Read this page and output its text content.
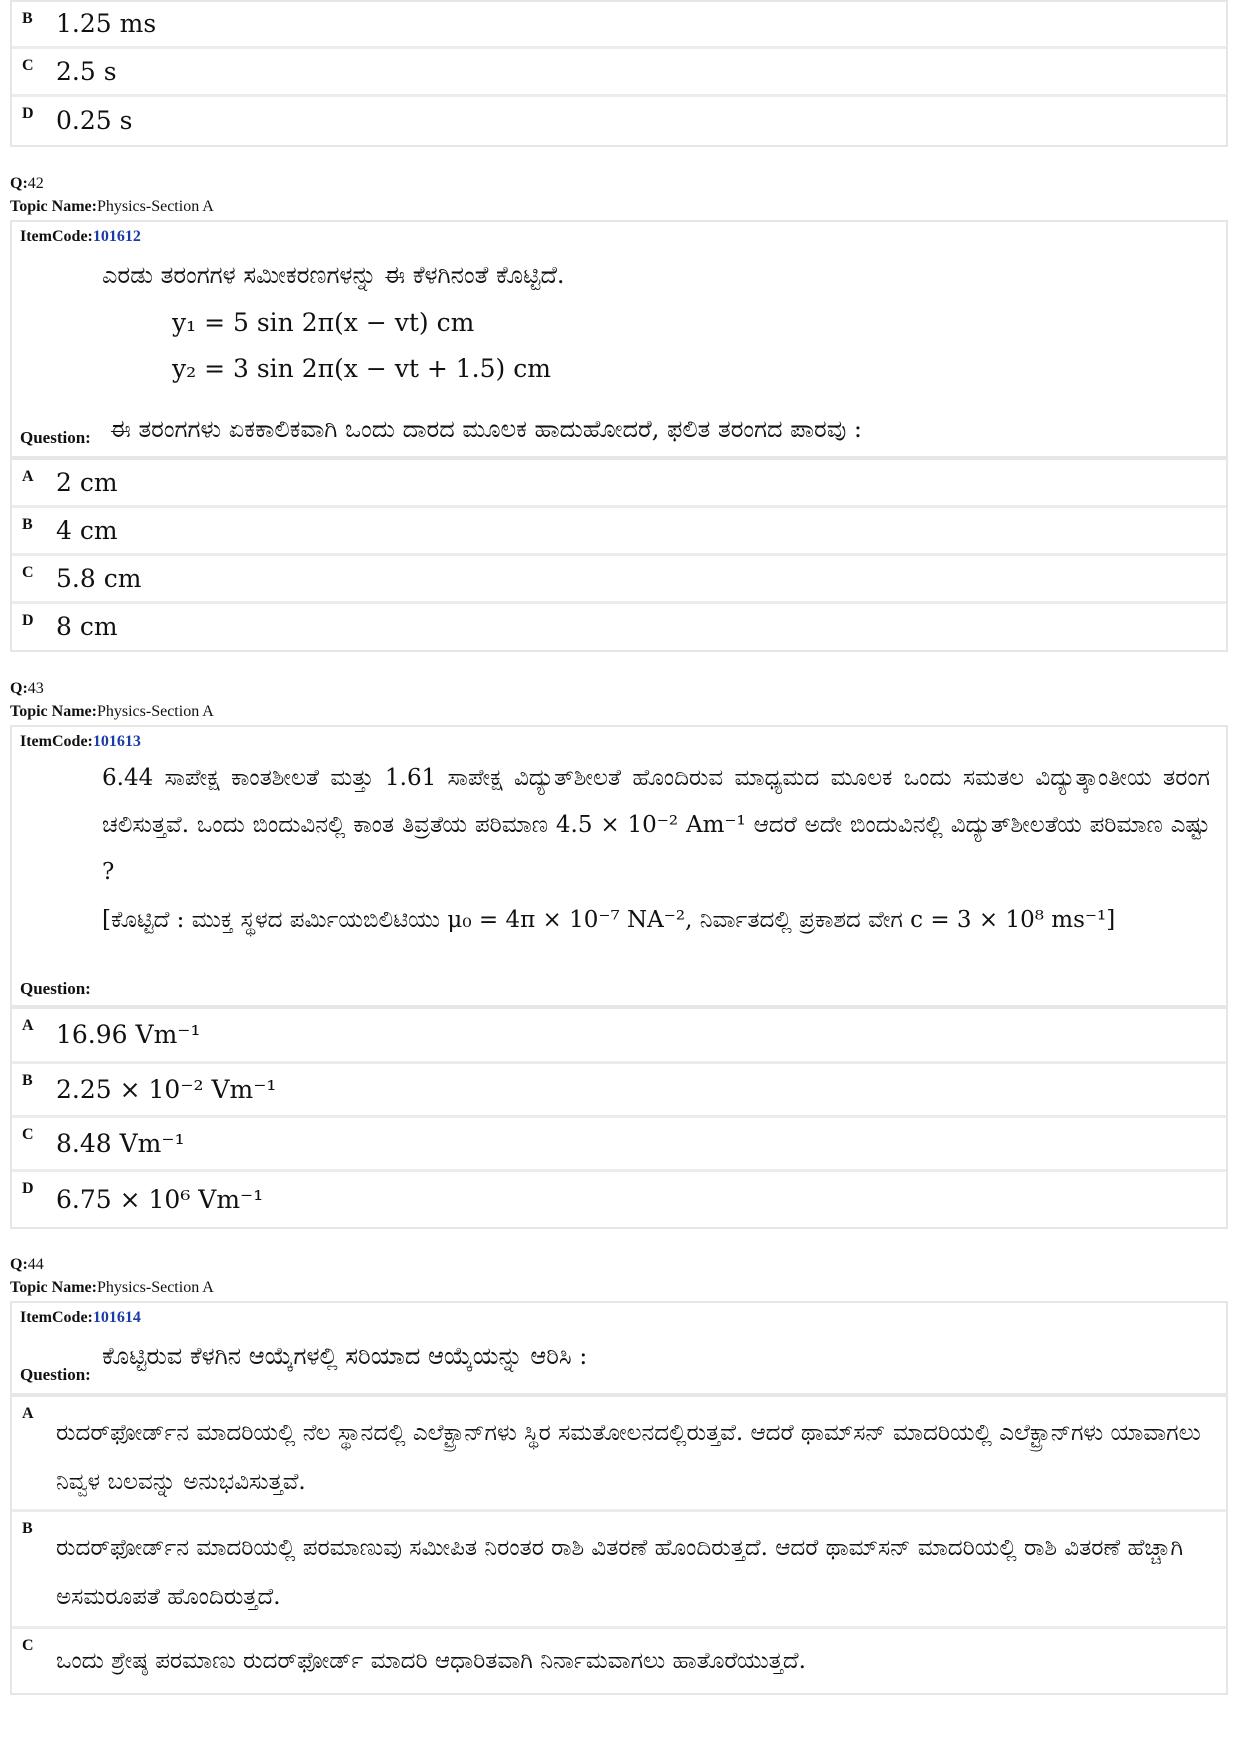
B 1.25 ms
C 2.5 s
D 0.25 s
Q:42
Topic Name:Physics-Section A
ItemCode:101612
ಎರಡು ತರಂಗಗಳ ಸಮೀಕರಣಗಳನ್ನು ಈ ಕೆಳಗಿನಂತೆ ಕೊಟ್ಟಿದೆ.
y₁ = 5 sin 2π(x − vt) cm
y₂ = 3 sin 2π(x − vt + 1.5) cm
Question: ಈ ತರಂಗಗಳು ಏಕಕಾಲಿಕವಾಗಿ ಒಂದು ದಾರದ ಮೂಲಕ ಹಾದುಹೋದರೆ, ಫಲಿತ ತರಂಗದ ಪಾರವು :
A 2 cm
B 4 cm
C 5.8 cm
D 8 cm
Q:43
Topic Name:Physics-Section A
ItemCode:101613
6.44 ಸಾಪೇಕ್ಷ ಕಾಂತಶೀಲತೆ ಮತ್ತು 1.61 ಸಾಪೇಕ್ಷ ವಿದ್ಯುತ್‌ಶೀಲತೆ ಹೊಂದಿರುವ ಮಾಧ್ಯಮದ ಮೂಲಕ ಒಂದು ಸಮತಲ ವಿದ್ಯುತ್ಕಾಂತೀಯ ತರಂಗ ಚಲಿಸುತ್ತವೆ. ಒಂದು ಬಿಂದುವಿನಲ್ಲಿ ಕಾಂತ ತಿವ್ರತೆಯ ಪರಿಮಾಣ 4.5 × 10⁻² Am⁻¹ ಆದರೆ ಅದೇ ಬಿಂದುವಿನಲ್ಲಿ ವಿದ್ಯುತ್‌ಶೀಲತೆಯ ಪರಿಮಾಣ ಎಷ್ಟು ?
[ಕೊಟ್ಟಿದೆ : ಮುಕ್ತ ಸ್ಥಳದ ಪರ್ಮಿಯಬಿಲಿಟಿಯು μ₀ = 4π × 10⁻⁷ NA⁻², ನಿರ್ವಾತದಲ್ಲಿ ಪ್ರಕಾಶದ ವೇಗ c = 3 × 10⁸ ms⁻¹]
Question:
A 16.96 Vm⁻¹
B 2.25 × 10⁻² Vm⁻¹
C 8.48 Vm⁻¹
D 6.75 × 10⁶ Vm⁻¹
Q:44
Topic Name:Physics-Section A
ItemCode:101614
ಕೊಟ್ಟಿರುವ ಕೆಳಗಿನ ಆಯ್ಕೆಗಳಲ್ಲಿ ಸರಿಯಾದ ಆಯ್ಕೆಯನ್ನು ಆರಿಸಿ :
Question:
A
ರುದರ್‌ಫೋರ್ಡ್‌ನ ಮಾದರಿಯಲ್ಲಿ ನೆಲ ಸ್ಥಾನದಲ್ಲಿ ಎಲೆಕ್ಟ್ರಾನ್‌ಗಳು ಸ್ಥಿರ ಸಮತೋಲನದಲ್ಲಿರುತ್ತವೆ. ಆದರೆ ಥಾಮ್‌ಸನ್ ಮಾದರಿಯಲ್ಲಿ ಎಲೆಕ್ಟ್ರಾನ್‌ಗಳು ಯಾವಾಗಲು ನಿವ್ವಳ ಬಲವನ್ನು ಅನುಭವಿಸುತ್ತವೆ.
B
ರುದರ್‌ಫೋರ್ಡ್‌ನ ಮಾದರಿಯಲ್ಲಿ ಪರಮಾಣುವು ಸಮೀಪಿತ ನಿರಂತರ ರಾಶಿ ವಿತರಣೆ ಹೊಂದಿರುತ್ತದೆ. ಆದರೆ ಥಾಮ್‌ಸನ್ ಮಾದರಿಯಲ್ಲಿ ರಾಶಿ ವಿತರಣೆ ಹೆಚ್ಚಾಗಿ ಅಸಮರೂಪತೆ ಹೊಂದಿರುತ್ತದೆ.
C
ಒಂದು ಶ್ರೇಷ್ಠ ಪರಮಾಣು ರುದರ್‌ಫೋರ್ಡ್ ಮಾದರಿ ಆಧಾರಿತವಾಗಿ ನಿರ್ನಾಮವಾಗಲು ಹಾತೊರೆಯುತ್ತದೆ.
